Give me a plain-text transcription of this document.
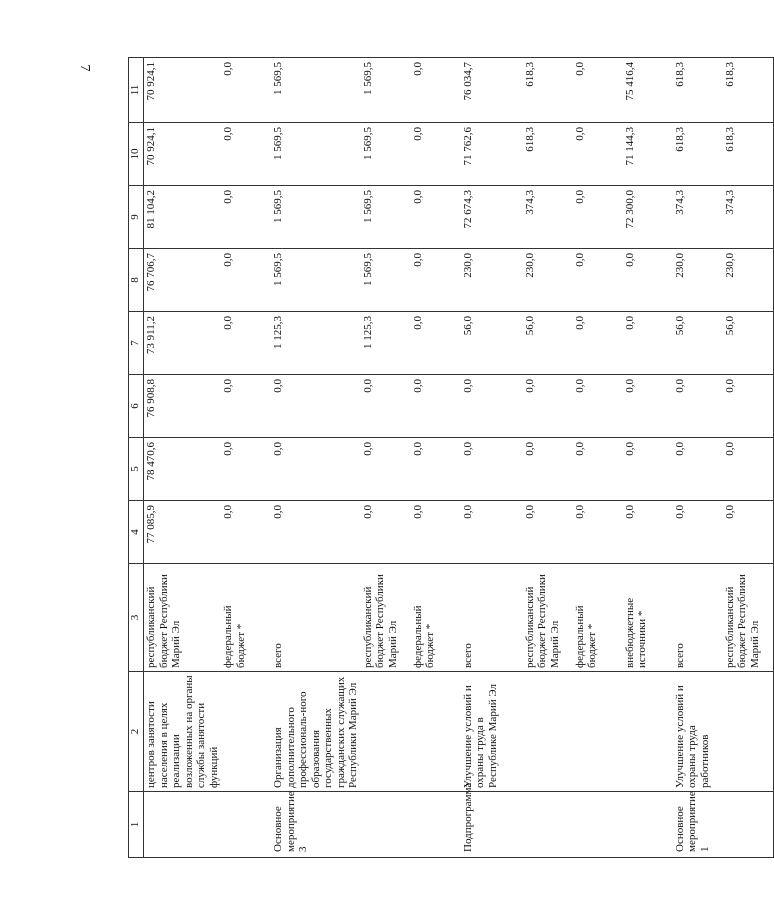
7
1	2	3	4	5	6	7	8	9	10	11
	центров занятости населения в целях реализации возложенных на органы службы занятости функций	республиканский бюджет Республики Марий Эл	77 085,9	78 470,6	76 908,8	73 911,2	76 706,7	81 104,2	70 924,1	70 924,1
		федеральный бюджет *	0,0	0,0	0,0	0,0	0,0	0,0	0,0	0,0
Основное мероприятие 3	Организация дополнительного профессиональ-ного образования государственных гражданских служащих Республики Марий Эл	всего	0,0	0,0	0,0	1 125,3	1 569,5	1 569,5	1 569,5	1 569,5
		республиканский бюджет Республики Марий Эл	0,0	0,0	0,0	1 125,3	1 569,5	1 569,5	1 569,5	1 569,5
		федеральный бюджет *	0,0	0,0	0,0	0,0	0,0	0,0	0,0	0,0
Подпрограмма	Улучшение условий и охраны труда в Республике Марий Эл	всего	0,0	0,0	0,0	56,0	230,0	72 674,3	71 762,6	76 034,7
		республиканский бюджет Республики Марий Эл	0,0	0,0	0,0	56,0	230,0	374,3	618,3	618,3
		федеральный бюджет *	0,0	0,0	0,0	0,0	0,0	0,0	0,0	0,0
		внебюджетные источники *	0,0	0,0	0,0	0,0	0,0	72 300,0	71 144,3	75 416,4
Основное мероприятие 1	Улучшение условий и охраны труда работников	всего	0,0	0,0	0,0	56,0	230,0	374,3	618,3	618,3
		республиканский бюджет Республики Марий Эл	0,0	0,0	0,0	56,0	230,0	374,3	618,3	618,3
